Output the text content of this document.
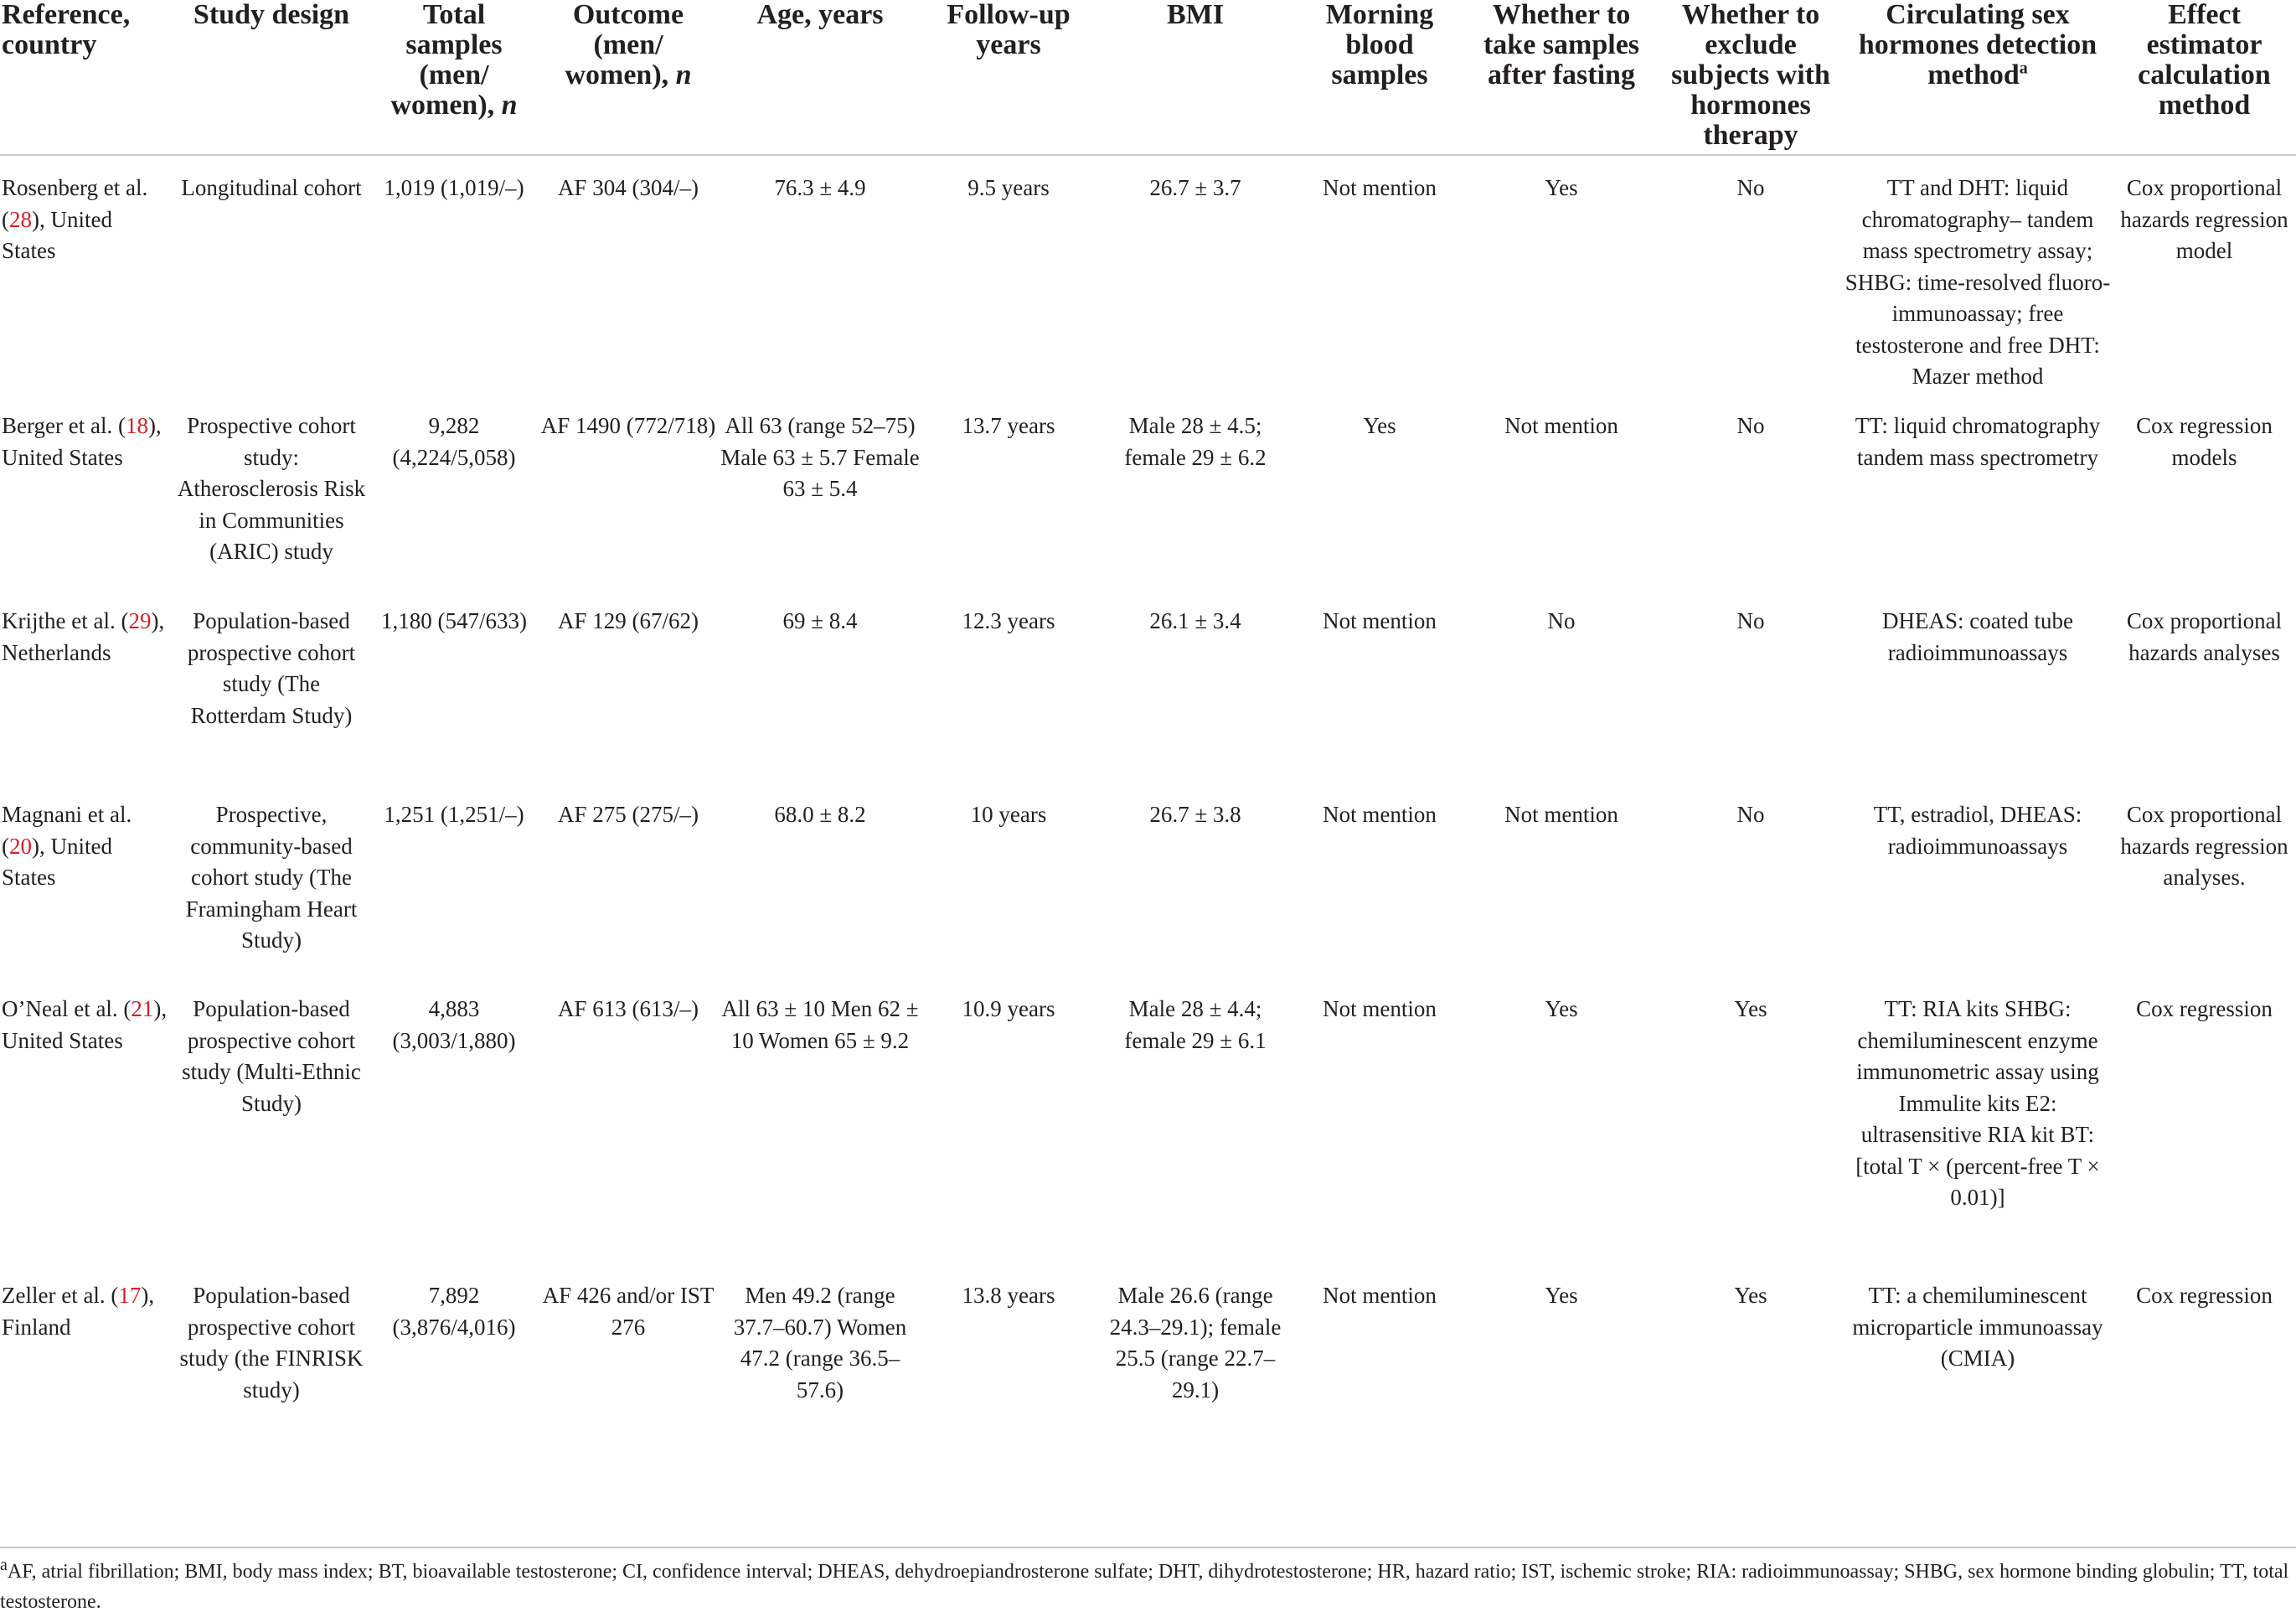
Reference, country	Study design	Total samples (men/ women), n	Outcome (men/ women), n	Age, years	Follow-up years	BMI	Morning blood samples	Whether to take samples after fasting	Whether to exclude subjects with hormones therapy	Circulating sex hormones detection method$^a$	Effect estimator calculation method
Rosenberg et al. (28), United States	Longitudinal cohort	1,019 (1,019/–)	AF 304 (304/–)	76.3 ± 4.9	9.5 years	26.7 ± 3.7	Not mention	Yes	No	TT and DHT: liquid chromatography– tandem mass spectrometry assay; SHBG: time-resolved fluoro-immunoassay; free testosterone and free DHT: Mazer method	Cox proportional hazards regression model
Berger et al. (18), United States	Prospective cohort study: Atherosclerosis Risk in Communities (ARIC) study	9,282 (4,224/5,058)	AF 1490 (772/718)	All 63 (range 52–75) Male 63 ± 5.7 Female 63 ± 5.4	13.7 years	Male 28 ± 4.5; female 29 ± 6.2	Yes	Not mention	No	TT: liquid chromatography tandem mass spectrometry	Cox regression models
Krijthe et al. (29), Netherlands	Population-based prospective cohort study (The Rotterdam Study)	1,180 (547/633)	AF 129 (67/62)	69 ± 8.4	12.3 years	26.1 ± 3.4	Not mention	No	No	DHEAS: coated tube radioimmunoassays	Cox proportional hazards analyses
Magnani et al. (20), United States	Prospective, community-based cohort study (The Framingham Heart Study)	1,251 (1,251/–)	AF 275 (275/–)	68.0 ± 8.2	10 years	26.7 ± 3.8	Not mention	Not mention	No	TT, estradiol, DHEAS: radioimmunoassays	Cox proportional hazards regression analyses.
O’Neal et al. (21), United States	Population-based prospective cohort study (Multi-Ethnic Study)	4,883 (3,003/1,880)	AF 613 (613/–)	All 63 ± 10 Men 62 ± 10 Women 65 ± 9.2	10.9 years	Male 28 ± 4.4; female 29 ± 6.1	Not mention	Yes	Yes	TT: RIA kits SHBG: chemiluminescent enzyme immunometric assay using Immulite kits E2: ultrasensitive RIA kit BT: [total T × (percent-free T × 0.01)]	Cox regression
Zeller et al. (17), Finland	Population-based prospective cohort study (the FINRISK study)	7,892 (3,876/4,016)	AF 426 and/or IST 276	Men 49.2 (range 37.7–60.7) Women 47.2 (range 36.5–57.6)	13.8 years	Male 26.6 (range 24.3–29.1); female 25.5 (range 22.7–29.1)	Not mention	Yes	Yes	TT: a chemiluminescent microparticle immunoassay (CMIA)	Cox regression
$^a$AF, atrial fibrillation; BMI, body mass index; BT, bioavailable testosterone; CI, confidence interval; DHEAS, dehydroepiandrosterone sulfate; DHT, dihydrotestosterone; HR, hazard ratio; IST, ischemic stroke; RIA: radioimmunoassay; SHBG, sex hormone binding globulin; TT, total testosterone.
